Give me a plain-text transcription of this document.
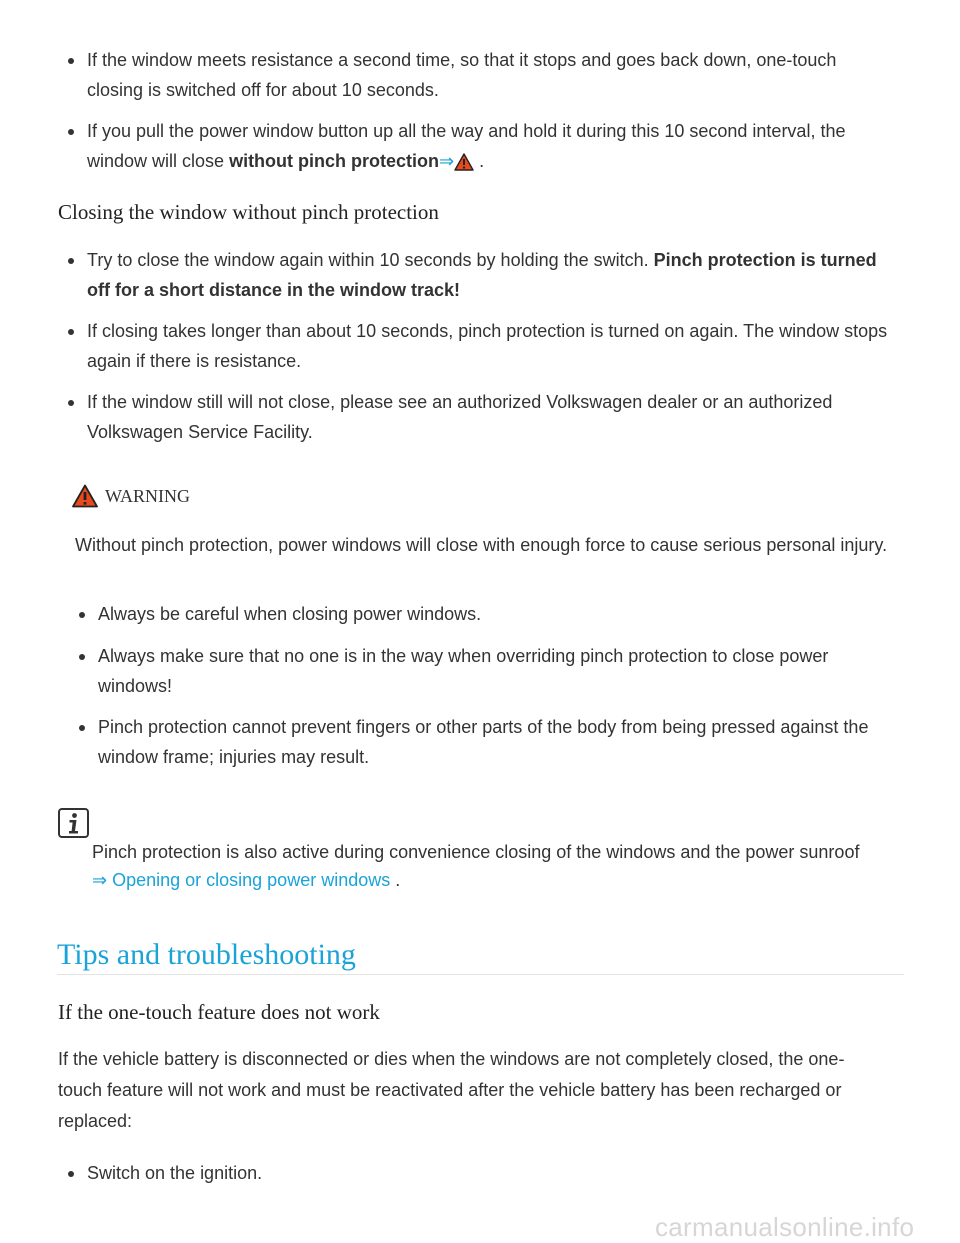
If the window meets resistance a second time, so that it stops and goes back down, one-touch closing is switched off for about 10 seconds.
If you pull the power window button up all the way and hold it during this 10 second interval, the window will close without pinch protection⇒ .
Closing the window without pinch protection
Try to close the window again within 10 seconds by holding the switch. Pinch protection is turned off for a short distance in the window track!
If closing takes longer than about 10 seconds, pinch protection is turned on again. The window stops again if there is resistance.
If the window still will not close, please see an authorized Volkswagen dealer or an authorized Volkswagen Service Facility.
WARNING
Without pinch protection, power windows will close with enough force to cause serious personal injury.
Always be careful when closing power windows.
Always make sure that no one is in the way when overriding pinch protection to close power windows!
Pinch protection cannot prevent fingers or other parts of the body from being pressed against the window frame; injuries may result.
Pinch protection is also active during convenience closing of the windows and the power sunroof
⇒ Opening or closing power windows .
Tips and troubleshooting
If the one-touch feature does not work
If the vehicle battery is disconnected or dies when the windows are not completely closed, the one-touch feature will not work and must be reactivated after the vehicle battery has been recharged or replaced:
Switch on the ignition.
carmanualsonline.info
